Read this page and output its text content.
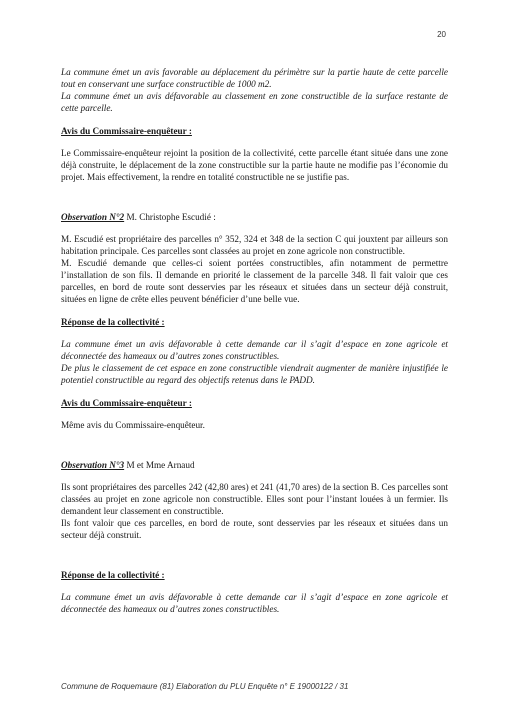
20

La commune émet un avis favorable au déplacement du périmètre sur la partie haute de cette parcelle tout en conservant une surface constructible de 1000 m2.

La commune émet un avis défavorable au classement en zone constructible de la surface restante de cette parcelle.

Avis du Commissaire-enquêteur :

Le Commissaire-enquêteur rejoint la position de la collectivité, cette parcelle étant située dans une zone déjà construite, le déplacement de la zone constructible sur la partie haute ne modifie pas l’économie du projet. Mais effectivement, la rendre en totalité constructible ne se justifie pas.

Observation N°2 M. Christophe Escudié :

M. Escudié est propriétaire des parcelles n° 352, 324 et 348 de la section C qui jouxtent par ailleurs son habitation principale. Ces parcelles sont classées au projet en zone agricole non constructible.

M. Escudié demande que celles-ci soient portées constructibles, afin notamment de permettre l’installation de son fils. Il demande en priorité le classement de la parcelle 348. Il fait valoir que ces parcelles, en bord de route sont desservies par les réseaux et situées dans un secteur déjà construit, situées en ligne de crête elles peuvent bénéficier d’une belle vue.

Réponse de la collectivité :

La commune émet un avis défavorable à cette demande car il s’agit d’espace en zone agricole et déconnectée des hameaux ou d’autres zones constructibles.

De plus le classement de cet espace en zone constructible viendrait augmenter de manière injustifiée le potentiel constructible au regard des objectifs retenus dans le PADD.

Avis du Commissaire-enquêteur :

Même avis du Commissaire-enquêteur.

Observation N°3 M et Mme Arnaud

Ils sont propriétaires des parcelles 242 (42,80 ares) et 241 (41,70 ares) de la section B. Ces parcelles sont classées au projet en zone agricole non constructible. Elles sont pour l’instant louées à un fermier. Ils demandent leur classement en constructible.

Ils font valoir que ces parcelles, en bord de route, sont desservies par les réseaux et situées dans un secteur déjà construit.

Réponse de la collectivité :

La commune émet un avis défavorable à cette demande car il s’agit d’espace en zone agricole et déconnectée des hameaux ou d’autres zones constructibles.

Commune de Roquemaure (81) Elaboration du PLU Enquête n° E 19000122 / 31
